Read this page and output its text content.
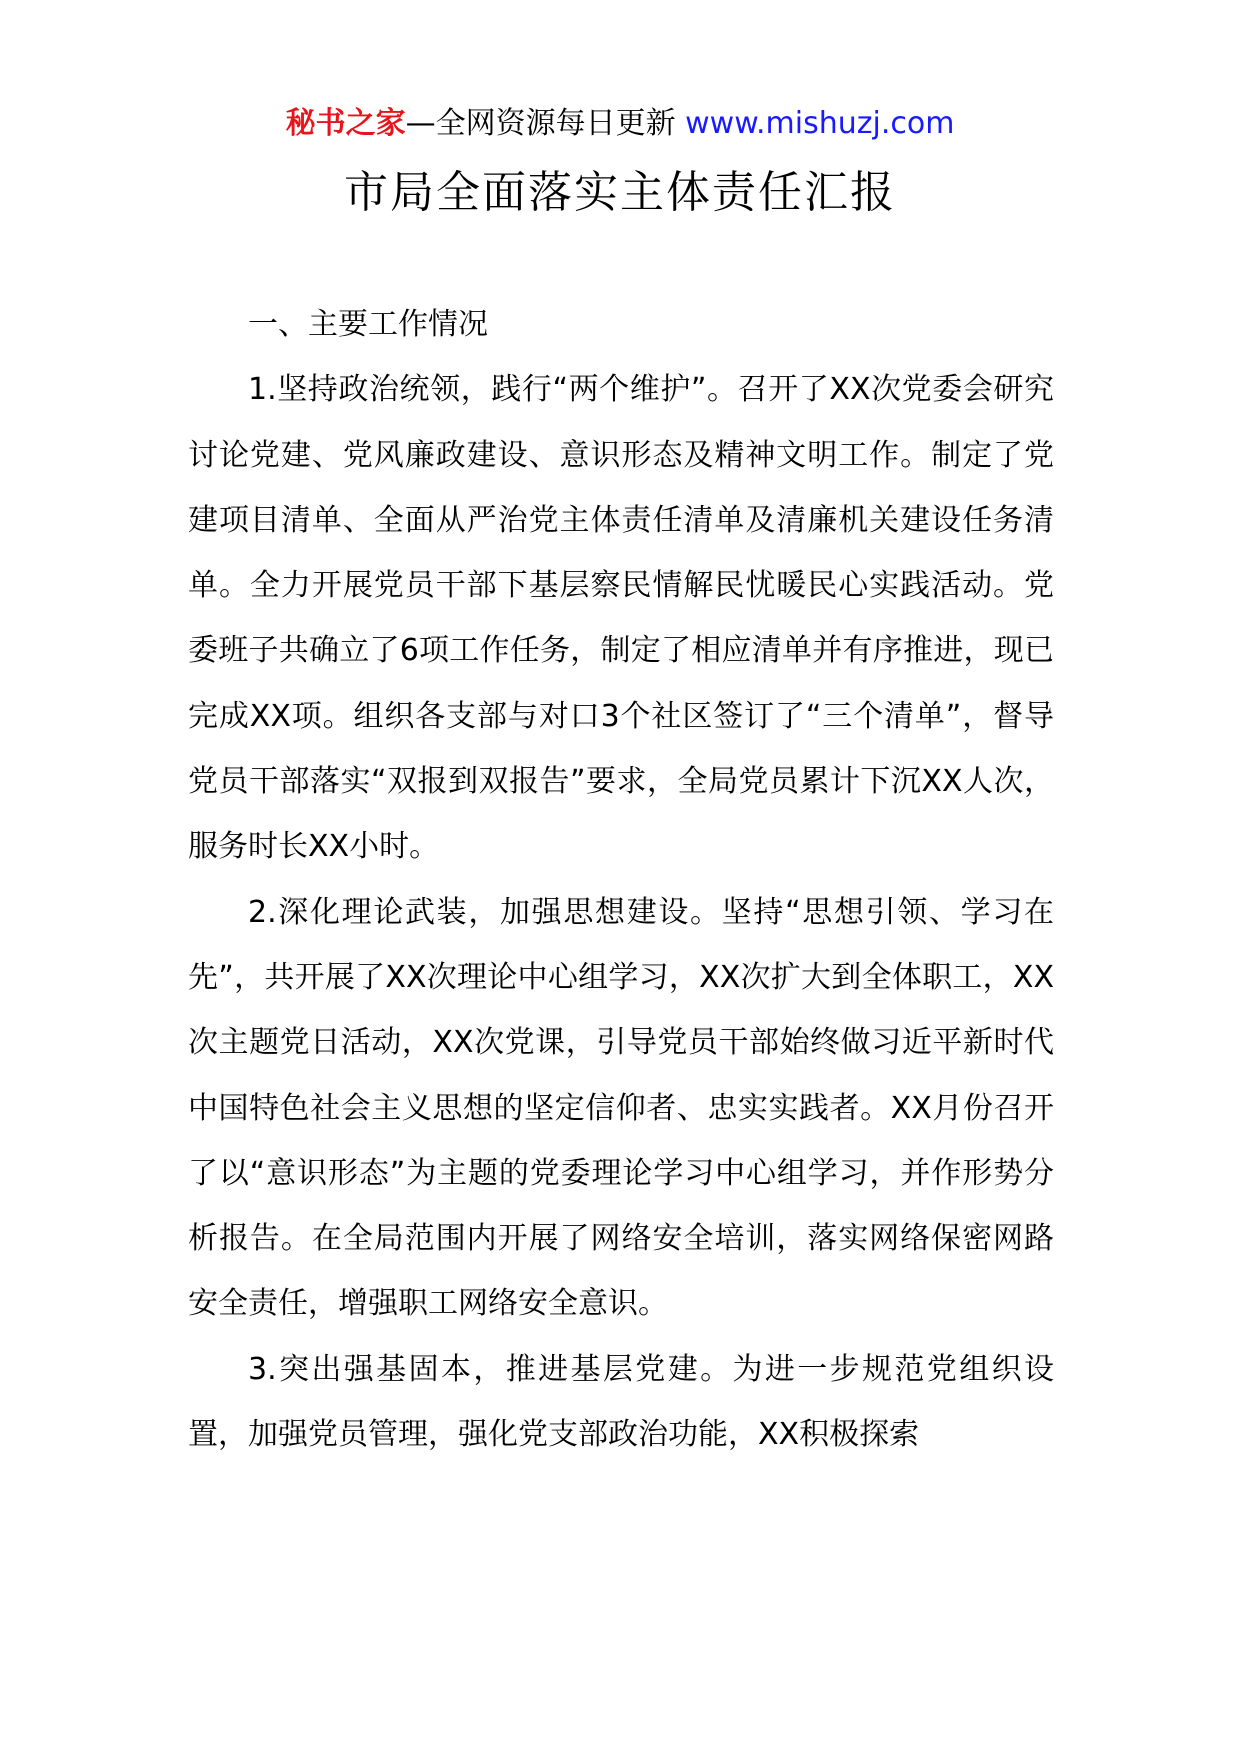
秘书之家—全网资源每日更新 www.mishuzj.com
市局全面落实主体责任汇报

一、主要工作情况

1.坚持政治统领，践行“两个维护”。召开了XX次党委会研究讨论党建、党风廉政建设、意识形态及精神文明工作。制定了党建项目清单、全面从严治党主体责任清单及清廉机关建设任务清单。全力开展党员干部下基层察民情解民忧暖民心实践活动。党委班子共确立了6项工作任务，制定了相应清单并有序推进，现已完成XX项。组织各支部与对口3个社区签订了“三个清单”，督导党员干部落实“双报到双报告”要求，全局党员累计下沉XX人次，服务时长XX小时。

2.深化理论武装，加强思想建设。坚持“思想引领、学习在先”，共开展了XX次理论中心组学习，XX次扩大到全体职工，XX次主题党日活动，XX次党课，引导党员干部始终做习近平新时代中国特色社会主义思想的坚定信仰者、忠实实践者。XX月份召开了以“意识形态”为主题的党委理论学习中心组学习，并作形势分析报告。在全局范围内开展了网络安全培训，落实网络保密网路安全责任，增强职工网络安全意识。

3.突出强基固本，推进基层党建。为进一步规范党组织设置，加强党员管理，强化党支部政治功能，XX积极探索
